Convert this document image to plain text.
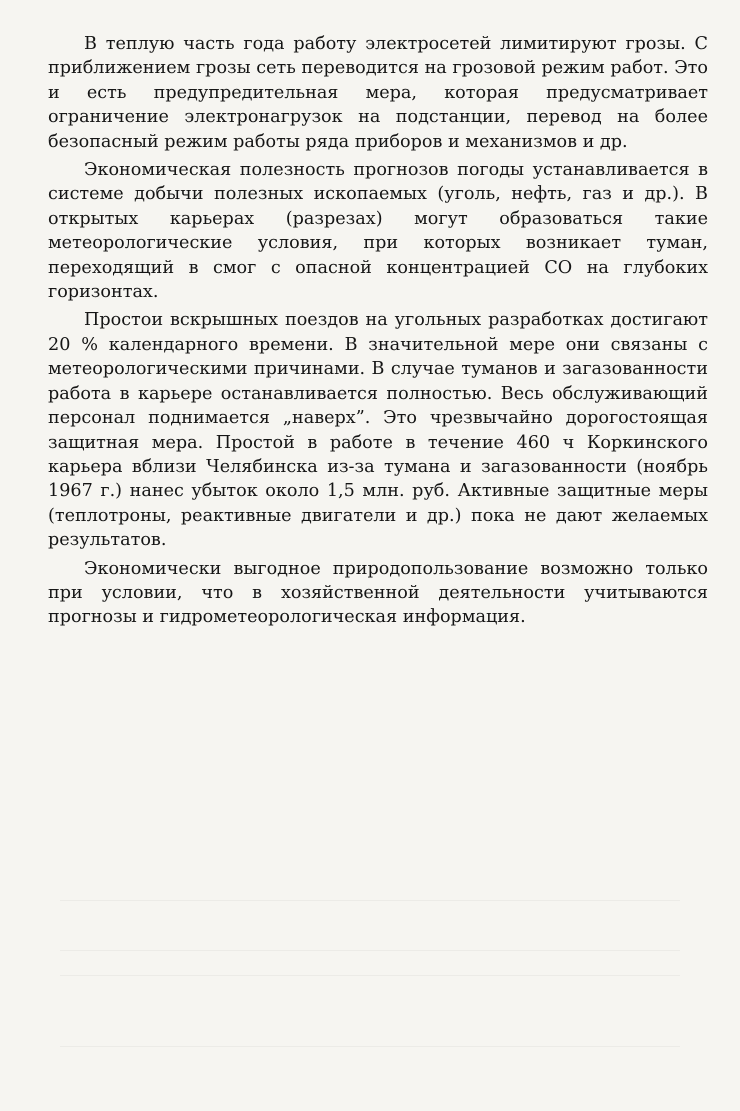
В теплую часть года работу электросетей лимитируют грозы. С приближением грозы сеть переводится на грозовой режим работ. Это и есть предупредительная мера, которая предусматривает ограничение электронагрузок на подстанции, перевод на более безопасный режим работы ряда приборов и механизмов и др.

Экономическая полезность прогнозов погоды устанавливается в системе добычи полезных ископаемых (уголь, нефть, газ и др.). В открытых карьерах (разрезах) могут образоваться такие метеорологические условия, при которых возникает туман, переходящий в смог с опасной концентрацией СО на глубоких горизонтах.

Простои вскрышных поездов на угольных разработках достигают 20 % календарного времени. В значительной мере они связаны с метеорологическими причинами. В случае туманов и загазованности работа в карьере останавливается полностью. Весь обслуживающий персонал поднимается „наверх”. Это чрезвычайно дорогостоящая защитная мера. Простой в работе в течение 460 ч Коркинского карьера вблизи Челябинска из-за тумана и загазованности (ноябрь 1967 г.) нанес убыток около 1,5 млн. руб. Активные защитные меры (теплотроны, реактивные двигатели и др.) пока не дают желаемых результатов.

Экономически выгодное природопользование возможно только при условии, что в хозяйственной деятельности учитываются прогнозы и гидрометеорологическая информация.
